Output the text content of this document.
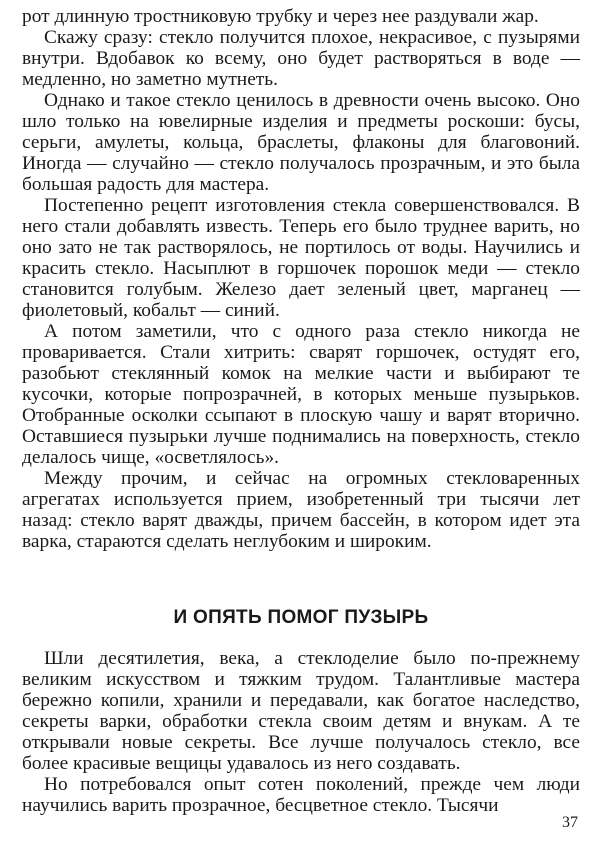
рот длинную тростниковую трубку и через нее раздували жар.

Скажу сразу: стекло получится плохое, некрасивое, с пузырями внутри. Вдобавок ко всему, оно будет растворяться в воде — медленно, но заметно мутнеть.

Однако и такое стекло ценилось в древности очень высоко. Оно шло только на ювелирные изделия и предметы роскоши: бусы, серьги, амулеты, кольца, браслеты, флаконы для благовоний. Иногда — случайно — стекло получалось прозрачным, и это была большая радость для мастера.

Постепенно рецепт изготовления стекла совершенствовался. В него стали добавлять известь. Теперь его было труднее варить, но оно зато не так растворялось, не портилось от воды. Научились и красить стекло. Насыплют в горшочек порошок меди — стекло становится голубым. Железо дает зеленый цвет, марганец — фиолетовый, кобальт — синий.

А потом заметили, что с одного раза стекло никогда не проваривается. Стали хитрить: сварят горшочек, остудят его, разобьют стеклянный комок на мелкие части и выбирают те кусочки, которые попрозрачней, в которых меньше пузырьков. Отобранные осколки ссыпают в плоскую чашу и варят вторично. Оставшиеся пузырьки лучше поднимались на поверхность, стекло делалось чище, «осветлялось».

Между прочим, и сейчас на огромных стекловаренных агрегатах используется прием, изобретенный три тысячи лет назад: стекло варят дважды, причем бассейн, в котором идет эта варка, стараются сделать неглубоким и широким.

И ОПЯТЬ ПОМОГ ПУЗЫРЬ

Шли десятилетия, века, а стеклоделие было по-прежнему великим искусством и тяжким трудом. Талантливые мастера бережно копили, хранили и передавали, как богатое наследство, секреты варки, обработки стекла своим детям и внукам. А те открывали новые секреты. Все лучше получалось стекло, все более красивые вещицы удавалось из него создавать.

Но потребовался опыт сотен поколений, прежде чем люди научились варить прозрачное, бесцветное стекло. Тысячи

37
